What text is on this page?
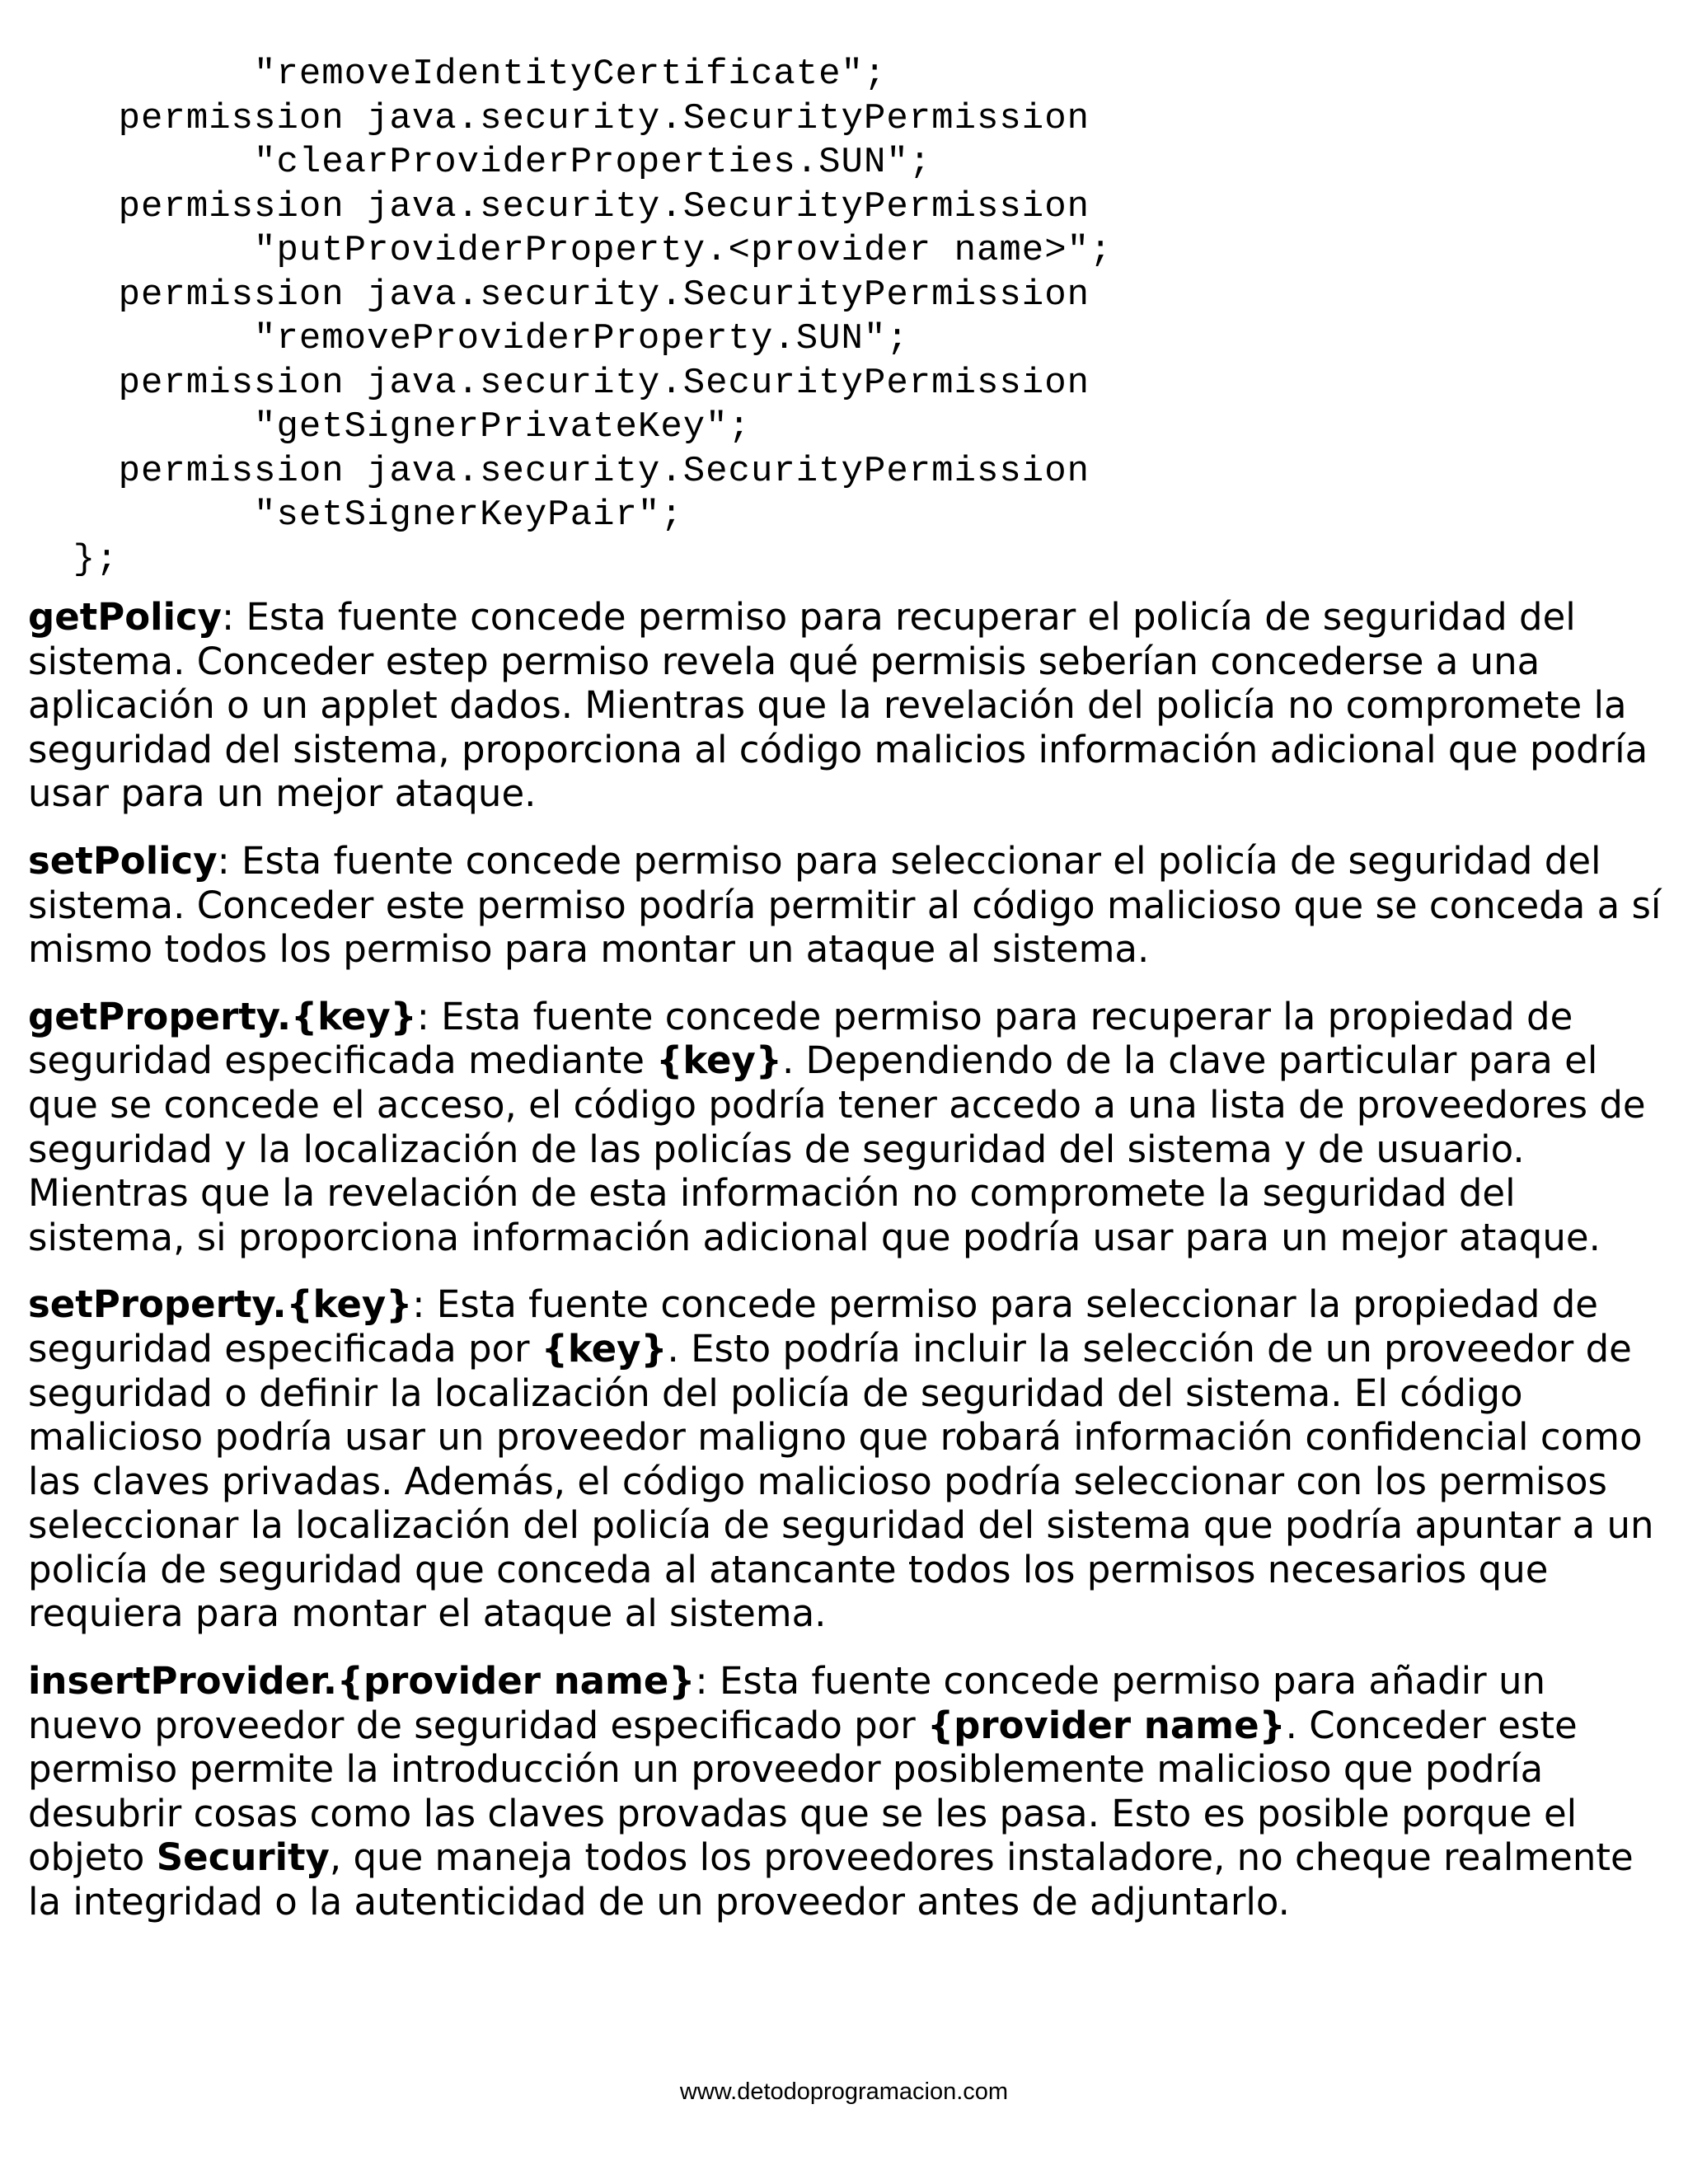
"removeIdentityCertificate";
permission java.security.SecurityPermission
"clearProviderProperties.SUN";
permission java.security.SecurityPermission
"putProviderProperty.<provider name>";
permission java.security.SecurityPermission
"removeProviderProperty.SUN";
permission java.security.SecurityPermission
"getSignerPrivateKey";
permission java.security.SecurityPermission
"setSignerKeyPair";
};

getPolicy: Esta fuente concede permiso para recuperar el policía de seguridad del sistema. Conceder estep permiso revela qué permisis seberían concederse a una aplicación o un applet dados. Mientras que la revelación del policía no compromete la seguridad del sistema, proporciona al código malicios información adicional que podría usar para un mejor ataque.

setPolicy: Esta fuente concede permiso para seleccionar el policía de seguridad del sistema. Conceder este permiso podría permitir al código malicioso que se conceda a sí mismo todos los permiso para montar un ataque al sistema.

getProperty.{key}: Esta fuente concede permiso para recuperar la propiedad de seguridad especificada mediante {key}. Dependiendo de la clave particular para el que se concede el acceso, el código podría tener accedo a una lista de proveedores de seguridad y la localización de las policías de seguridad del sistema y de usuario. Mientras que la revelación de esta información no compromete la seguridad del sistema, si proporciona información adicional que podría usar para un mejor ataque.

setProperty.{key}: Esta fuente concede permiso para seleccionar la propiedad de seguridad especificada por {key}. Esto podría incluir la selección de un proveedor de seguridad o definir la localización del policía de seguridad del sistema. El código malicioso podría usar un proveedor maligno que robará información confidencial como las claves privadas. Además, el código malicioso podría seleccionar con los permisos seleccionar la localización del policía de seguridad del sistema que podría apuntar a un policía de seguridad que conceda al atancante todos los permisos necesarios que requiera para montar el ataque al sistema.

insertProvider.{provider name}: Esta fuente concede permiso para añadir un nuevo proveedor de seguridad especificado por {provider name}. Conceder este permiso permite la introducción un proveedor posiblemente malicioso que podría desubrir cosas como las claves provadas que se les pasa. Esto es posible porque el objeto Security, que maneja todos los proveedores instaladore, no cheque realmente la integridad o la autenticidad de un proveedor antes de adjuntarlo.

www.detodoprogramacion.com
